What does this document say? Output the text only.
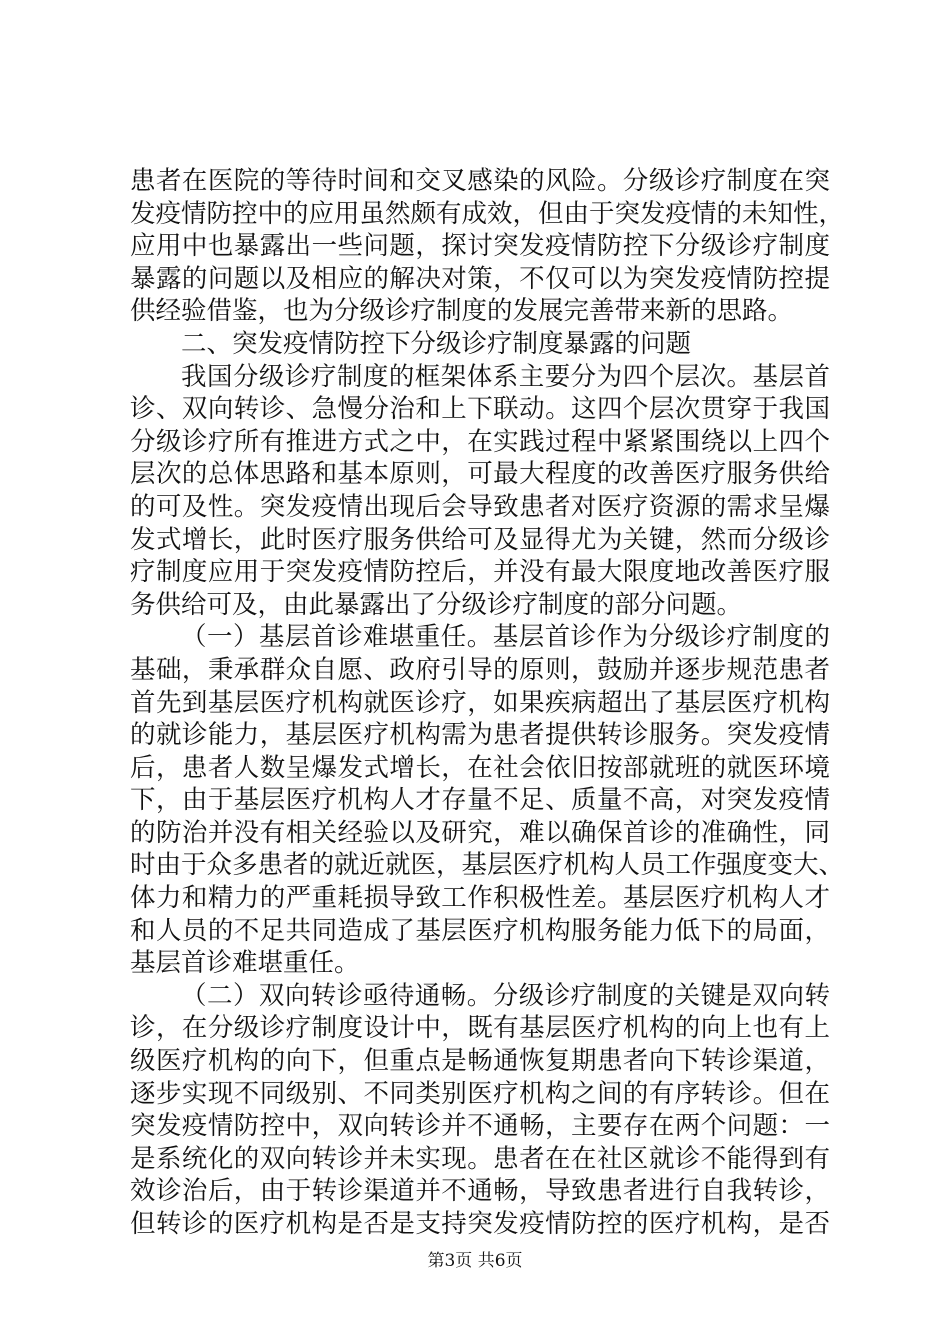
患者在医院的等待时间和交叉感染的风险。分级诊疗制度在突
发疫情防控中的应用虽然颇有成效，但由于突发疫情的未知性，
应用中也暴露出一些问题，探讨突发疫情防控下分级诊疗制度
暴露的问题以及相应的解决对策，不仅可以为突发疫情防控提
供经验借鉴，也为分级诊疗制度的发展完善带来新的思路。
二、突发疫情防控下分级诊疗制度暴露的问题
我国分级诊疗制度的框架体系主要分为四个层次。基层首
诊、双向转诊、急慢分治和上下联动。这四个层次贯穿于我国
分级诊疗所有推进方式之中，在实践过程中紧紧围绕以上四个
层次的总体思路和基本原则，可最大程度的改善医疗服务供给
的可及性。突发疫情出现后会导致患者对医疗资源的需求呈爆
发式增长，此时医疗服务供给可及显得尤为关键，然而分级诊
疗制度应用于突发疫情防控后，并没有最大限度地改善医疗服
务供给可及，由此暴露出了分级诊疗制度的部分问题。
（一）基层首诊难堪重任。基层首诊作为分级诊疗制度的
基础，秉承群众自愿、政府引导的原则，鼓励并逐步规范患者
首先到基层医疗机构就医诊疗，如果疾病超出了基层医疗机构
的就诊能力，基层医疗机构需为患者提供转诊服务。突发疫情
后，患者人数呈爆发式增长，在社会依旧按部就班的就医环境
下，由于基层医疗机构人才存量不足、质量不高，对突发疫情
的防治并没有相关经验以及研究，难以确保首诊的准确性，同
时由于众多患者的就近就医，基层医疗机构人员工作强度变大、
体力和精力的严重耗损导致工作积极性差。基层医疗机构人才
和人员的不足共同造成了基层医疗机构服务能力低下的局面，
基层首诊难堪重任。
（二）双向转诊亟待通畅。分级诊疗制度的关键是双向转
诊，在分级诊疗制度设计中，既有基层医疗机构的向上也有上
级医疗机构的向下，但重点是畅通恢复期患者向下转诊渠道，
逐步实现不同级别、不同类别医疗机构之间的有序转诊。但在
突发疫情防控中，双向转诊并不通畅，主要存在两个问题：一
是系统化的双向转诊并未实现。患者在在社区就诊不能得到有
效诊治后，由于转诊渠道并不通畅，导致患者进行自我转诊，
但转诊的医疗机构是否是支持突发疫情防控的医疗机构，是否
第3页 共6页
